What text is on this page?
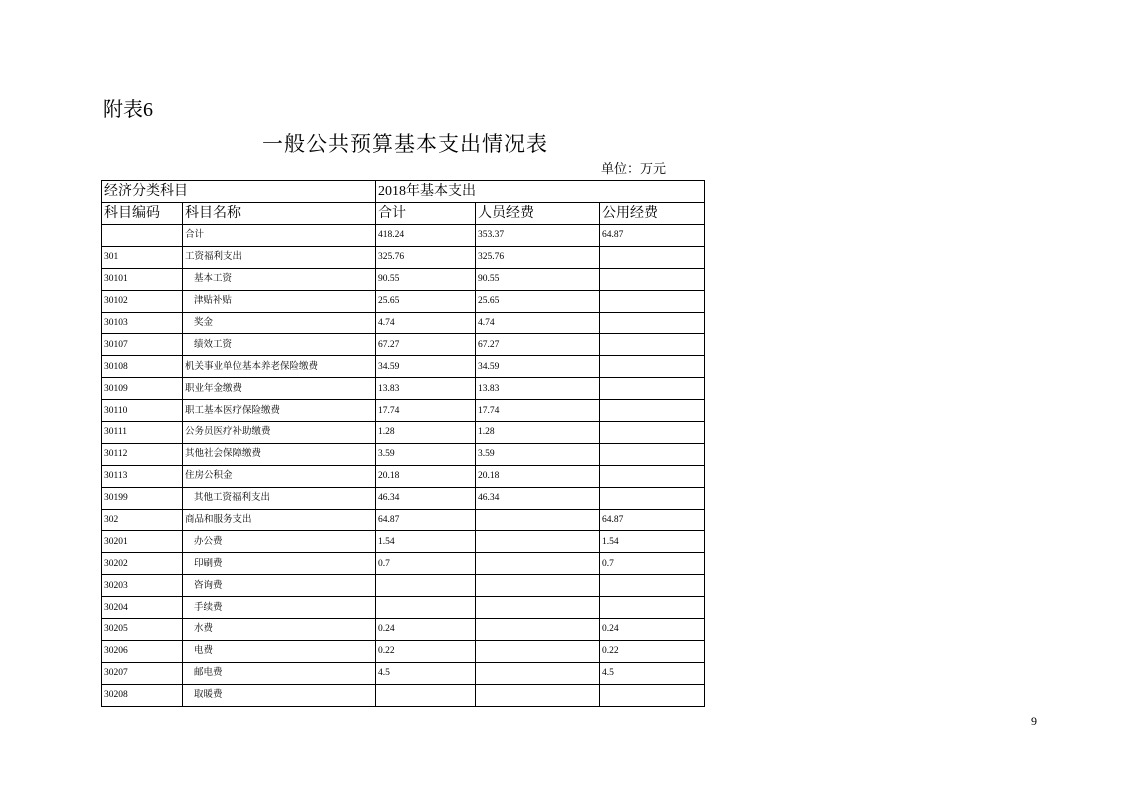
附表6
一般公共预算基本支出情况表
单位：万元
经济分类科目		2018年基本支出		
科目编码	科目名称	合计	人员经费	公用经费
	合计	418.24	353.37	64.87
301	工资福利支出	325.76	325.76	
30101	基本工资	90.55	90.55	
30102	津贴补贴	25.65	25.65	
30103	奖金	4.74	4.74	
30107	绩效工资	67.27	67.27	
30108	机关事业单位基本养老保险缴费	34.59	34.59	
30109	职业年金缴费	13.83	13.83	
30110	职工基本医疗保险缴费	17.74	17.74	
30111	公务员医疗补助缴费	1.28	1.28	
30112	其他社会保障缴费	3.59	3.59	
30113	住房公积金	20.18	20.18	
30199	其他工资福利支出	46.34	46.34	
302	商品和服务支出	64.87		64.87
30201	办公费	1.54		1.54
30202	印刷费	0.7		0.7
30203	咨询费			
30204	手续费			
30205	水费	0.24		0.24
30206	电费	0.22		0.22
30207	邮电费	4.5		4.5
30208	取暖费			
9
